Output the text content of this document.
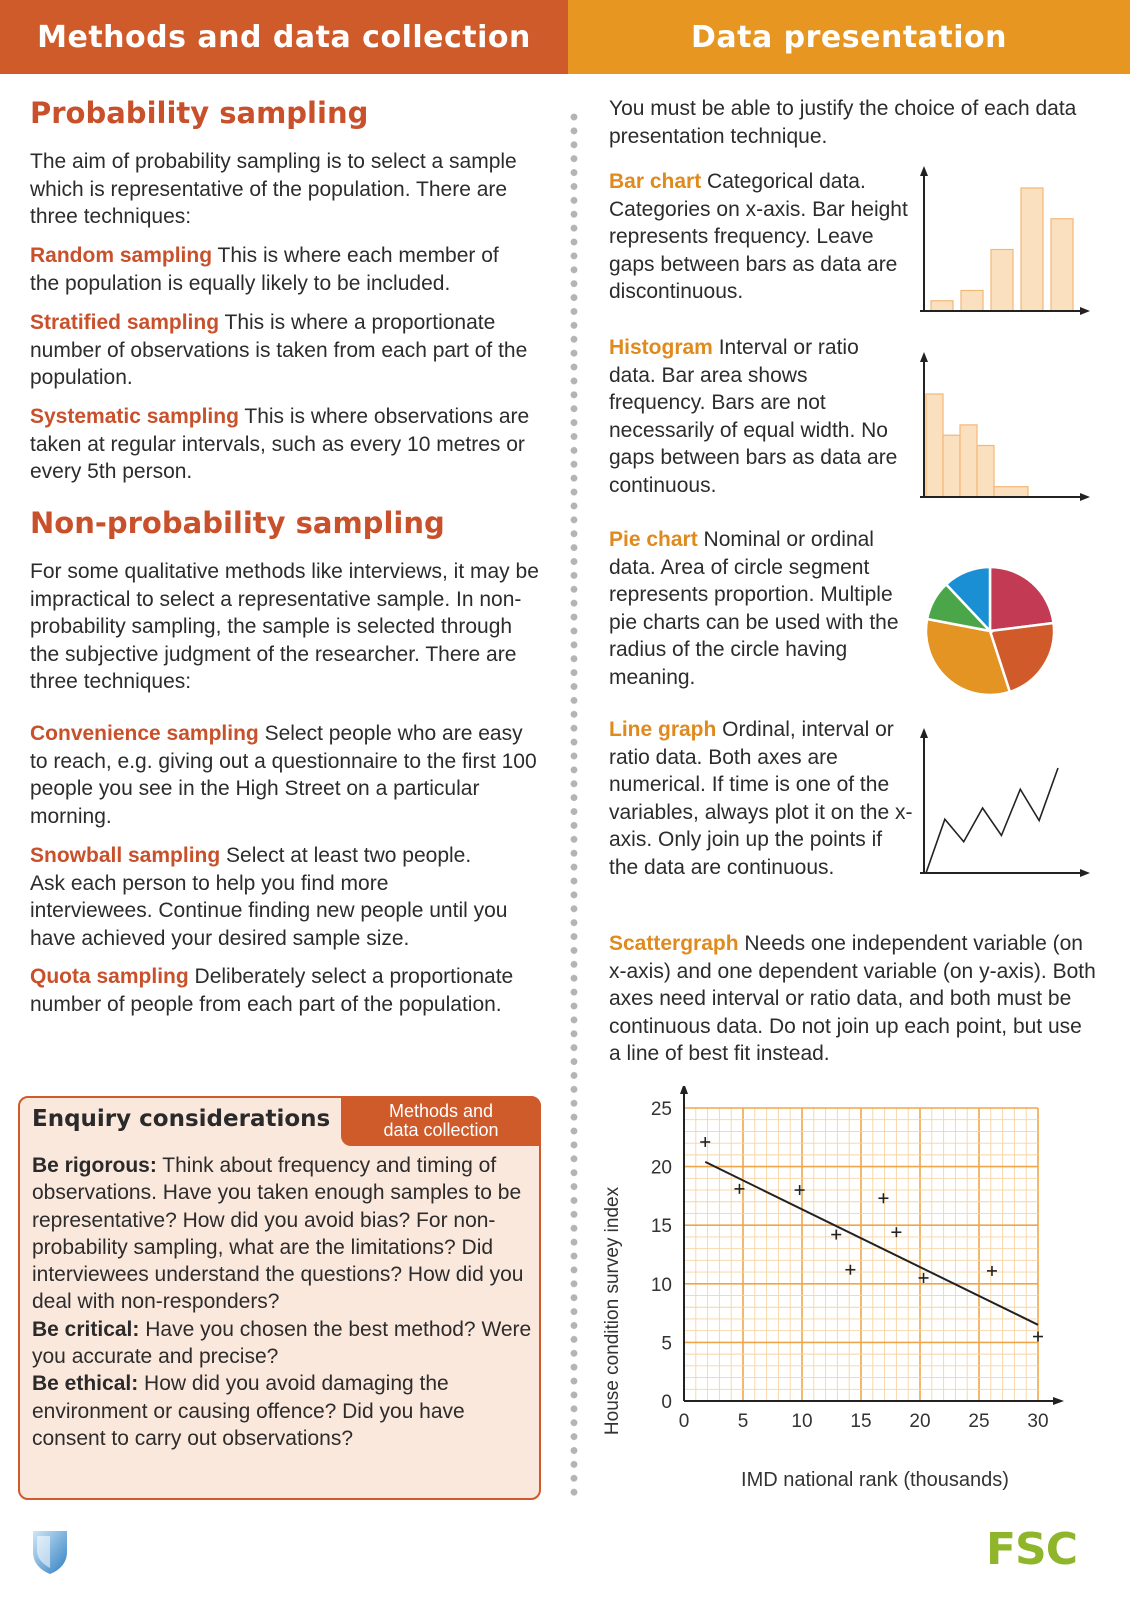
Methods and data collection	Data presentation
Probability sampling

The aim of probability sampling is to select a sample which is representative of the population. There are three techniques:

Random sampling This is where each member of the population is equally likely to be included.

Stratified sampling This is where a proportionate number of observations is taken from each part of the population.

Systematic sampling This is where observations are taken at regular intervals, such as every 10 metres or every 5th person.

Non-probability sampling

For some qualitative methods like interviews, it may be impractical to select a representative sample. In non-probability sampling, the sample is selected through the subjective judgment of the researcher. There are three techniques:

Convenience sampling Select people who are easy to reach, e.g. giving out a questionnaire to the first 100 people you see in the High Street on a particular morning.

Snowball sampling Select at least two people. Ask each person to help you find more interviewees. Continue finding new people until you have achieved your desired sample size.

Quota sampling Deliberately select a proportionate number of people from each part of the population.

Enquiry considerations	Methods and
data collection

Be rigorous: Think about frequency and timing of observations. Have you taken enough samples to be representative? How did you avoid bias? For non-probability sampling, what are the limitations? Did interviewees understand the questions? How did you deal with non-responders?
Be critical: Have you chosen the best method? Were you accurate and precise?
Be ethical: How did you avoid damaging the environment or causing offence? Did you have consent to carry out observations?

You must be able to justify the choice of each data presentation technique.

Bar chart Categorical data. Categories on x-axis. Bar height represents frequency. Leave gaps between bars as data are discontinuous.

Histogram Interval or ratio data. Bar area shows frequency. Bars are not necessarily of equal width. No gaps between bars as data are continuous.

Pie chart Nominal or ordinal data. Area of circle segment represents proportion. Multiple pie charts can be used with the radius of the circle having meaning.

Line graph Ordinal, interval or ratio data. Both axes are numerical. If time is one of the variables, always plot it on the x-axis. Only join up the points if the data are continuous.

Scattergraph Needs one independent variable (on x-axis) and one dependent variable (on y-axis). Both axes need interval or ratio data, and both must be continuous data. Do not join up each point, but use a line of best fit instead.

0	5 10 15 20 25 30
0
5
10
15
20
25
IMD national rank (thousands)
House condition survey index
FSC
